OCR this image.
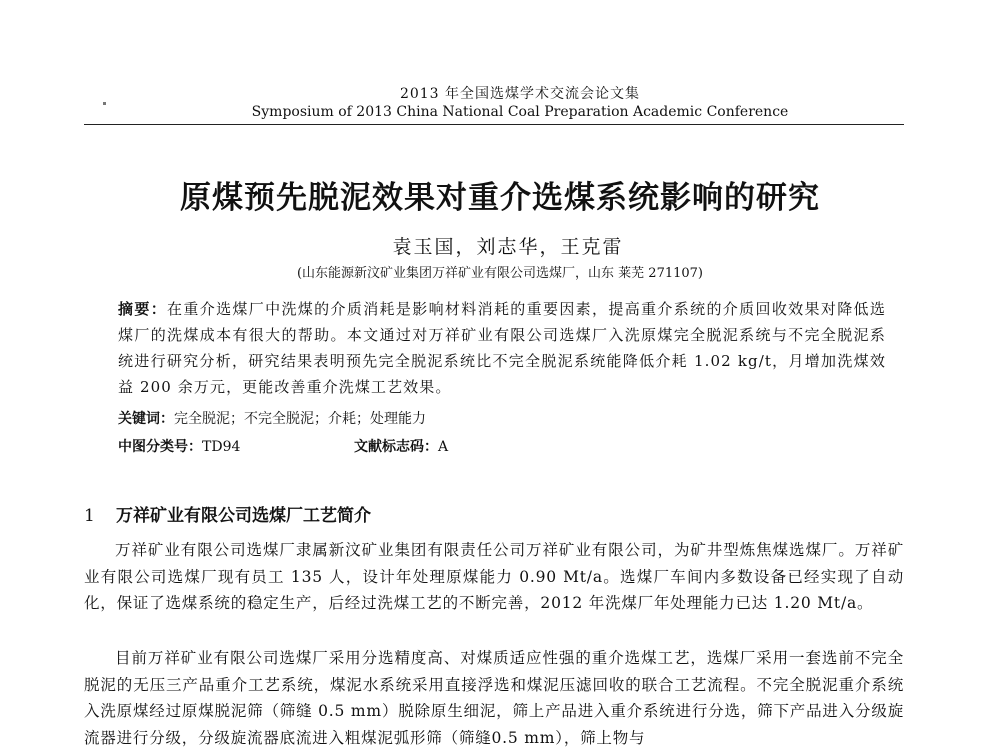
2013 年全国选煤学术交流会论文集
Symposium of 2013 China National Coal Preparation Academic Conference
原煤预先脱泥效果对重介选煤系统影响的研究
袁玉国，刘志华，王克雷
(山东能源新汶矿业集团万祥矿业有限公司选煤厂，山东 莱芜 271107)
摘要：在重介选煤厂中洗煤的介质消耗是影响材料消耗的重要因素，提高重介系统的介质回收效果对降低选煤厂的洗煤成本有很大的帮助。本文通过对万祥矿业有限公司选煤厂入洗原煤完全脱泥系统与不完全脱泥系统进行研究分析，研究结果表明预先完全脱泥系统比不完全脱泥系统能降低介耗 1.02 kg/t，月增加洗煤效益 200 余万元，更能改善重介洗煤工艺效果。
关键词：完全脱泥；不完全脱泥；介耗；处理能力
中图分类号：TD94	文献标志码：A
1 万祥矿业有限公司选煤厂工艺简介

万祥矿业有限公司选煤厂隶属新汶矿业集团有限责任公司万祥矿业有限公司，为矿井型炼焦煤选煤厂。万祥矿业有限公司选煤厂现有员工 135 人，设计年处理原煤能力 0.90 Mt/a。选煤厂车间内多数设备已经实现了自动化，保证了选煤系统的稳定生产，后经过洗煤工艺的不断完善，2012 年洗煤厂年处理能力已达 1.20 Mt/a。

目前万祥矿业有限公司选煤厂采用分选精度高、对煤质适应性强的重介选煤工艺，选煤厂采用一套选前不完全脱泥的无压三产品重介工艺系统，煤泥水系统采用直接浮选和煤泥压滤回收的联合工艺流程。不完全脱泥重介系统入洗原煤经过原煤脱泥筛（筛缝 0.5 mm）脱除原生细泥，筛上产品进入重介系统进行分选，筛下产品进入分级旋流器进行分级，分级旋流器底流进入粗煤泥弧形筛（筛缝0.5 mm），筛上物与
